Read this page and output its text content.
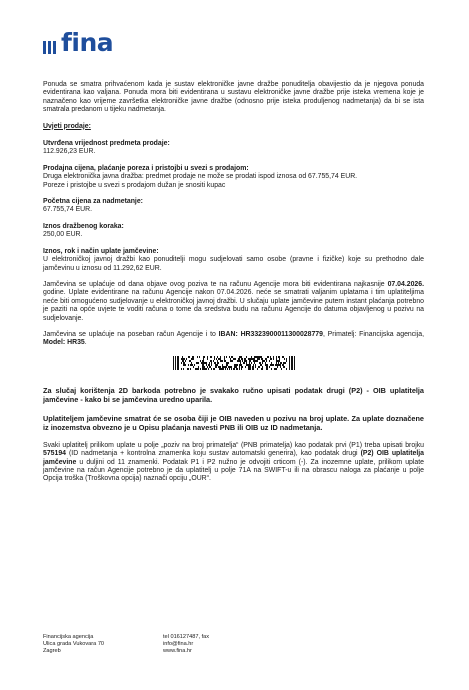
fina

Ponuda se smatra prihvaćenom kada je sustav elektroničke javne dražbe ponuditelja obavijestio da je njegova ponuda evidentirana kao valjana. Ponuda mora biti evidentirana u sustavu elektroničke javne dražbe prije isteka vremena koje je naznačeno kao vrijeme završetka elektroničke javne dražbe (odnosno prije isteka produljenog nadmetanja) da bi se ista smatrala predanom u tijeku nadmetanja.

Uvjeti prodaje:

Utvrđena vrijednost predmeta prodaje:

112.926,23 EUR.

Prodajna cijena, plaćanje poreza i pristojbi u svezi s prodajom:

Druga elektronička javna dražba: predmet prodaje ne može se prodati ispod iznosa od 67.755,74 EUR.

Poreze i pristojbe u svezi s prodajom dužan je snositi kupac

Početna cijena za nadmetanje:

67.755,74 EUR.

Iznos dražbenog koraka:

250,00 EUR.

Iznos, rok i način uplate jamčevine:

U elektroničkoj javnoj dražbi kao ponuditelji mogu sudjelovati samo osobe (pravne i fizičke) koje su prethodno dale jamčevinu u iznosu od 11.292,62 EUR.

Jamčevina se uplaćuje od dana objave ovog poziva te na računu Agencije mora biti evidentirana najkasnije 07.04.2026. godine. Uplate evidentirane na računu Agencije nakon 07.04.2026. neće se smatrati valjanim uplatama i tim uplatiteljima neće biti omogućeno sudjelovanje u elektroničkoj javnoj dražbi. U slučaju uplate jamčevine putem instant plaćanja potrebno je paziti na opće uvjete te voditi računa o tome da sredstva budu na računu Agencije do datuma objavljenog u pozivu na sudjelovanje.

Jamčevina se uplaćuje na poseban račun Agencije i to IBAN: HR3323900011300028779, Primatelj: Financijska agencija, Model: HR35.

Za slučaj korištenja 2D barkoda potrebno je svakako ručno upisati podatak drugi (P2) - OIB uplatitelja jamčevine - kako bi se jamčevina uredno uparila.

Uplatiteljem jamčevine smatrat će se osoba čiji je OIB naveden u pozivu na broj uplate. Za uplate doznačene iz inozemstva obvezno je u Opisu plaćanja navesti PNB ili OIB uz ID nadmetanja.

Svaki uplatitelj prilikom uplate u polje „poziv na broj primatelja“ (PNB primatelja) kao podatak prvi (P1) treba upisati brojku 575194 (ID nadmetanja + kontrolna znamenka koju sustav automatski generira), kao podatak drugi (P2) OIB uplatitelja jamčevine u duljini od 11 znamenki. Podatak P1 i P2 nužno je odvojiti crticom (-). Za inozemne uplate, prilikom uplate jamčevine na račun Agencije potrebno je da uplatitelj u polje 71A na SWIFT-u ili na obrascu naloga za plaćanje u polje Opcija troška (Troškovna opcija) naznači opciju „OUR“.

Financijska agencija
Ulica grada Vukovara 70
Zagreb
tel 016127487, fax
info@fina.hr
www.fina.hr
